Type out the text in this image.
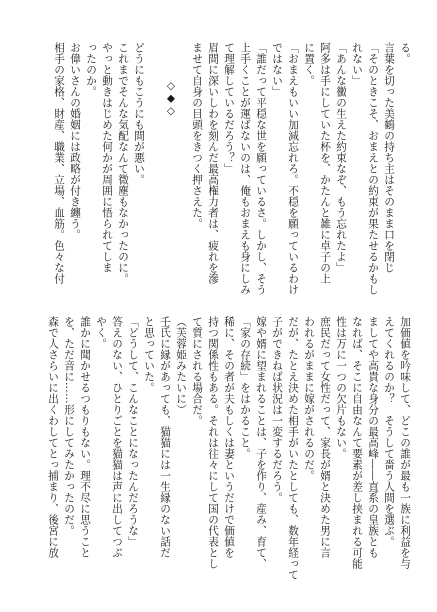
る。

言葉を切った美鶴の持ち主はそのまま口を閉じ

「そのときこそ、おまえとの約束が果たせるかもし

れない」

「あんな黴の生えた約束なぞ、もう忘れたよ」

阿多は手にしていた杯を、かたんと雑に卓子の上

に置く。

「おまえもいい加減忘れろ。不穏を願っているわけ

ではない」

「誰だって平穏な世を願っているさ。しかし、そう

上手くことが運ばないのは、俺もおまえも身にしみ

て理解しているだろう？」

眉間に深いしわを刻んだ最高権力者は、疲れを滲

ませて自身の目頭をきつく押さえた。

加価値を吟味して、どこの誰が最も一族に利益を与

えてくれるのか？　そうして嗇う人間を選ぶ。

ましてや高貴な身分の最高峰――直系の皇族とも

なれば、そこに自由なんて要素が差し挟まれる可能

性は万に一つの欠片もない。

庶民だって女性だって、家長が婿と決めた男に言

われるがままに嫁がされるのだ。

だが、たとえ決めた相手がいたとしても、数年経って

子ができねば状況は一変するだろう。

嫁や婿に望まれることは、子を作り、産み、育て、

「家の存続」をはかること。

稀に、その者が夫もしくは妻というだけで価値を

持つ関係性もある。それは往々にして国の代表とし

て質にされる場合だ。

（芙蓉姫みたいに）

壬氏に縁があっても、猫猫には一生縁のない話だ

と思っていた。

「どうして、こんなことになったんだろうな」

答えのない、ひとりごとを猫猫は声に出してつぶ

やく。

誰かに聞かせるつもりもない。理不尽に思うこと

を、ただ音に……形にしてみたかったのだ。

森で人さらいに出くわしてとっ捕まり、後宮に放

◇◆◇

どうにもこうにも間が悪い。

これまでそんな気配なんて微塵もなかったのに。

やっと動きはじめた何かが周囲に悟られてしま

ったのか。

お偉いさんの婚姻には政略が付き纏う。

相手の家格、財産、職業、立場、血筋。色々な付
